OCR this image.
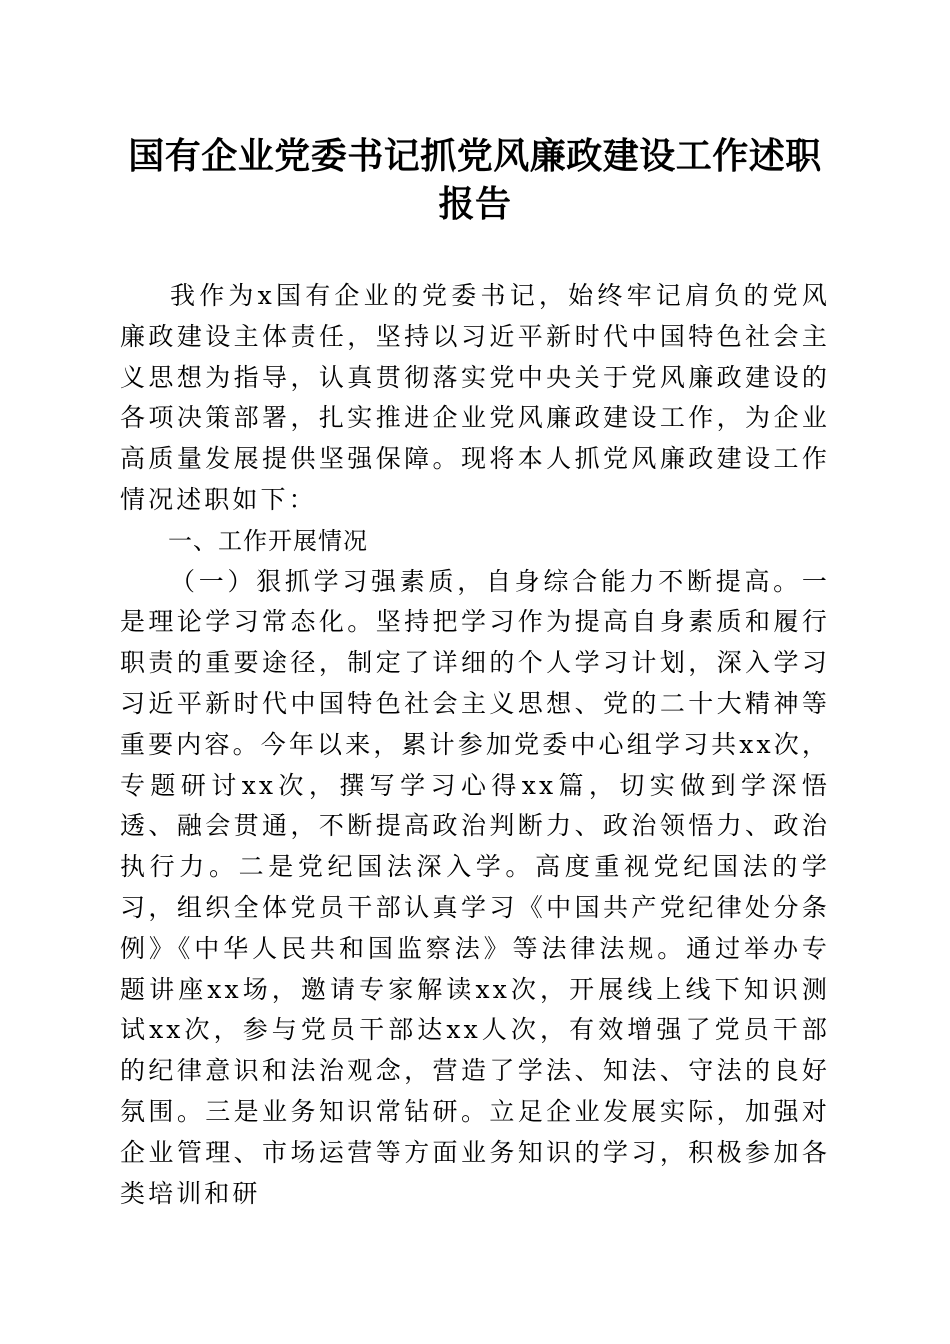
国有企业党委书记抓党风廉政建设工作述职报告

我作为x国有企业的党委书记，始终牢记肩负的党风廉政建设主体责任，坚持以习近平新时代中国特色社会主义思想为指导，认真贯彻落实党中央关于党风廉政建设的各项决策部署，扎实推进企业党风廉政建设工作，为企业高质量发展提供坚强保障。现将本人抓党风廉政建设工作情况述职如下：

一、工作开展情况

（一）狠抓学习强素质，自身综合能力不断提高。一是理论学习常态化。坚持把学习作为提高自身素质和履行职责的重要途径，制定了详细的个人学习计划，深入学习习近平新时代中国特色社会主义思想、党的二十大精神等重要内容。今年以来，累计参加党委中心组学习共xx次，专题研讨xx次，撰写学习心得xx篇，切实做到学深悟透、融会贯通，不断提高政治判断力、政治领悟力、政治执行力。二是党纪国法深入学。高度重视党纪国法的学习，组织全体党员干部认真学习《中国共产党纪律处分条例》《中华人民共和国监察法》等法律法规。通过举办专题讲座xx场，邀请专家解读xx次，开展线上线下知识测试xx次，参与党员干部达xx人次，有效增强了党员干部的纪律意识和法治观念，营造了学法、知法、守法的良好氛围。三是业务知识常钻研。立足企业发展实际，加强对企业管理、市场运营等方面业务知识的学习，积极参加各类培训和研
